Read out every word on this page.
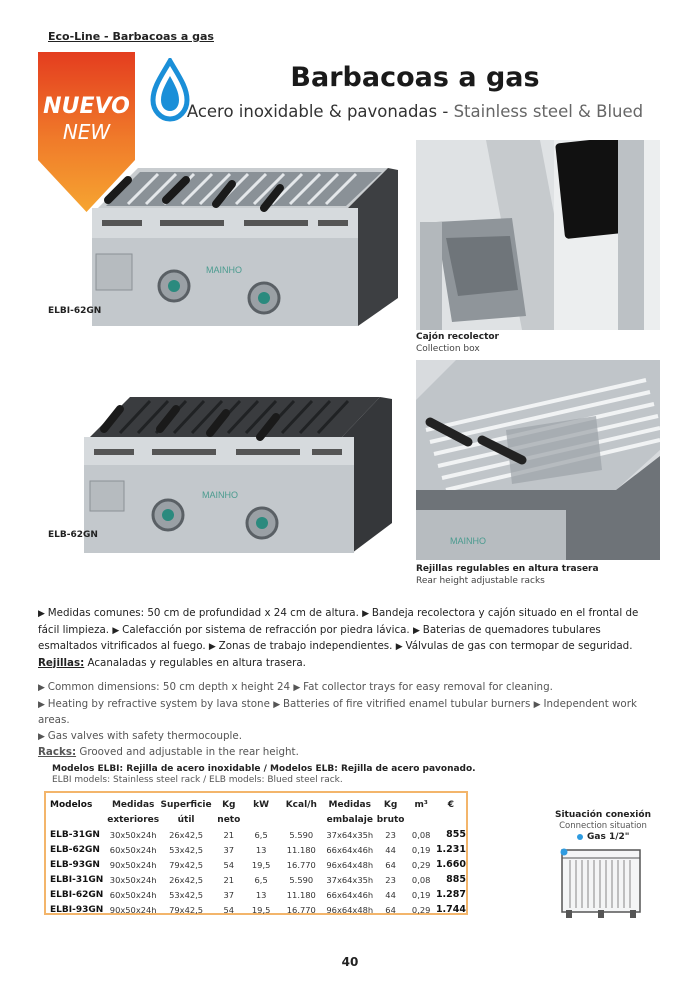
Eco-Line - Barbacoas a gas
NUEVO
NEW
Barbacoas a gas
Acero inoxidable & pavonadas - Stainless steel & Blued
MAINHO
ELBI-62GN
Cajón recolector
Collection box
MAINHO
ELB-62GN
MAINHO
Rejillas regulables en altura trasera
Rear height adjustable racks
▶ Medidas comunes: 50 cm de profundidad x 24 cm de altura. ▶ Bandeja recolectora y cajón situado en el frontal de fácil limpieza. ▶ Calefacción por sistema de refracción por piedra lávica. ▶ Baterias de quemadores tubulares esmaltados vitrificados al fuego. ▶ Zonas de trabajo independientes. ▶ Válvulas de gas con termopar de seguridad.
Rejillas: Acanaladas y regulables en altura trasera.
▶ Common dimensions: 50 cm depth x height 24 ▶ Fat collector trays for easy removal for cleaning.
▶ Heating by refractive system by lava stone ▶ Batteries of fire vitrified enamel tubular burners ▶ Independent work areas.
▶ Gas valves with safety thermocouple.
Racks: Grooved and adjustable in the rear height.
Modelos ELBI: Rejilla de acero inoxidable / Modelos ELB: Rejilla de acero pavonado.
ELBI models: Stainless steel rack / ELB models: Blued steel rack.
Modelos	Medidas	Superficie	Kg	kW	Kcal/h	Medidas	Kg	m³	€
	exteriores	útil	neto			embalaje	bruto		
ELB-31GN	30x50x24h	26x42,5	21	6,5	5.590	37x64x35h	23	0,08	855
ELB-62GN	60x50x24h	53x42,5	37	13	11.180	66x64x46h	44	0,19	1.231
ELB-93GN	90x50x24h	79x42,5	54	19,5	16.770	96x64x48h	64	0,29	1.660
ELBI-31GN	30x50x24h	26x42,5	21	6,5	5.590	37x64x35h	23	0,08	885
ELBI-62GN	60x50x24h	53x42,5	37	13	11.180	66x64x46h	44	0,19	1.287
ELBI-93GN	90x50x24h	79x42,5	54	19,5	16.770	96x64x48h	64	0,29	1.744
Situación conexión
Connection situation
Gas 1/2"
40
